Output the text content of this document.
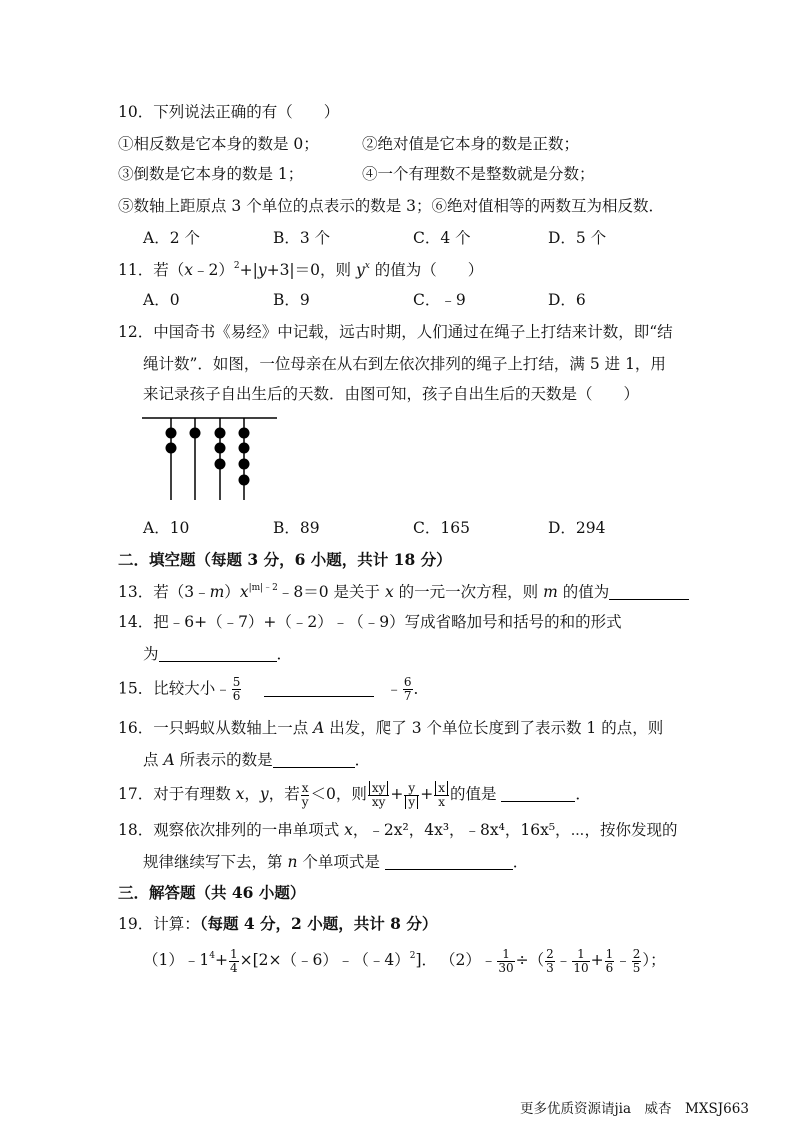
10．下列说法正确的有（　　）
①相反数是它本身的数是 0；	②绝对值是它本身的数是正数；
③倒数是它本身的数是 1；	④一个有理数不是整数就是分数；
⑤数轴上距原点 3 个单位的点表示的数是 3；⑥绝对值相等的两数互为相反数．
A．2 个	B．3 个	C．4 个	D．5 个
11．若（x﹣2）$^2$+|y+3|＝0，则 $y^x$ 的值为（　　）
A．0	B．9	C．﹣9	D．6
12．中国奇书《易经》中记载，远古时期，人们通过在绳子上打结来计数，即“结
绳计数”．如图，一位母亲在从右到左依次排列的绳子上打结，满 5 进 1，用
来记录孩子自出生后的天数．由图可知，孩子自出生后的天数是（　　）
A．10	B．89	C．165	D．294
二．填空题（每题 3 分，6 小题，共计 18 分）
13．若$(3﹣m)x^{|m|﹣2}﹣8=0$ 是关于 x 的一元一次方程，则 m 的值为
14．把﹣6+（﹣7）+（﹣2）﹣（﹣9）写成省略加号和括号的和的形式
为	．
15．比较大小﹣ $\frac{5}{6}$	﹣ $\frac{6}{7}$ ．
16．一只蚂蚁从数轴上一点 A 出发，爬了 3 个单位长度到了表示数 1 的点，则
点 A 所表示的数是	．
17．对于有理数 x，y，若 $\frac{x}{y} <0$，则 $\frac{xy}{xy} + \frac{y}{y} + \frac{x}{x}$ 的值是	．
18．观察依次排列的一串单项式 x，﹣2x²，4x³，﹣8x⁴，16x⁵，⋯，按你发现的
规律继续写下去，第 n 个单项式是	．
三．解答题（共 46 小题）
19．计算：（每题 4 分，2 小题，共计 8 分）
$(1)﹣1^4+ \frac{1}{4}$ ×[2×（﹣6）﹣（﹣4）$^2$]． （2）﹣ $\frac{1}{30}$ ÷（ $\frac{2}{3}$ ﹣ $\frac{1}{10} + \frac{1}{6}$ ﹣ $\frac{2}{5}$ ）；
更多优质资源请jia　威杏　MXSJ663
